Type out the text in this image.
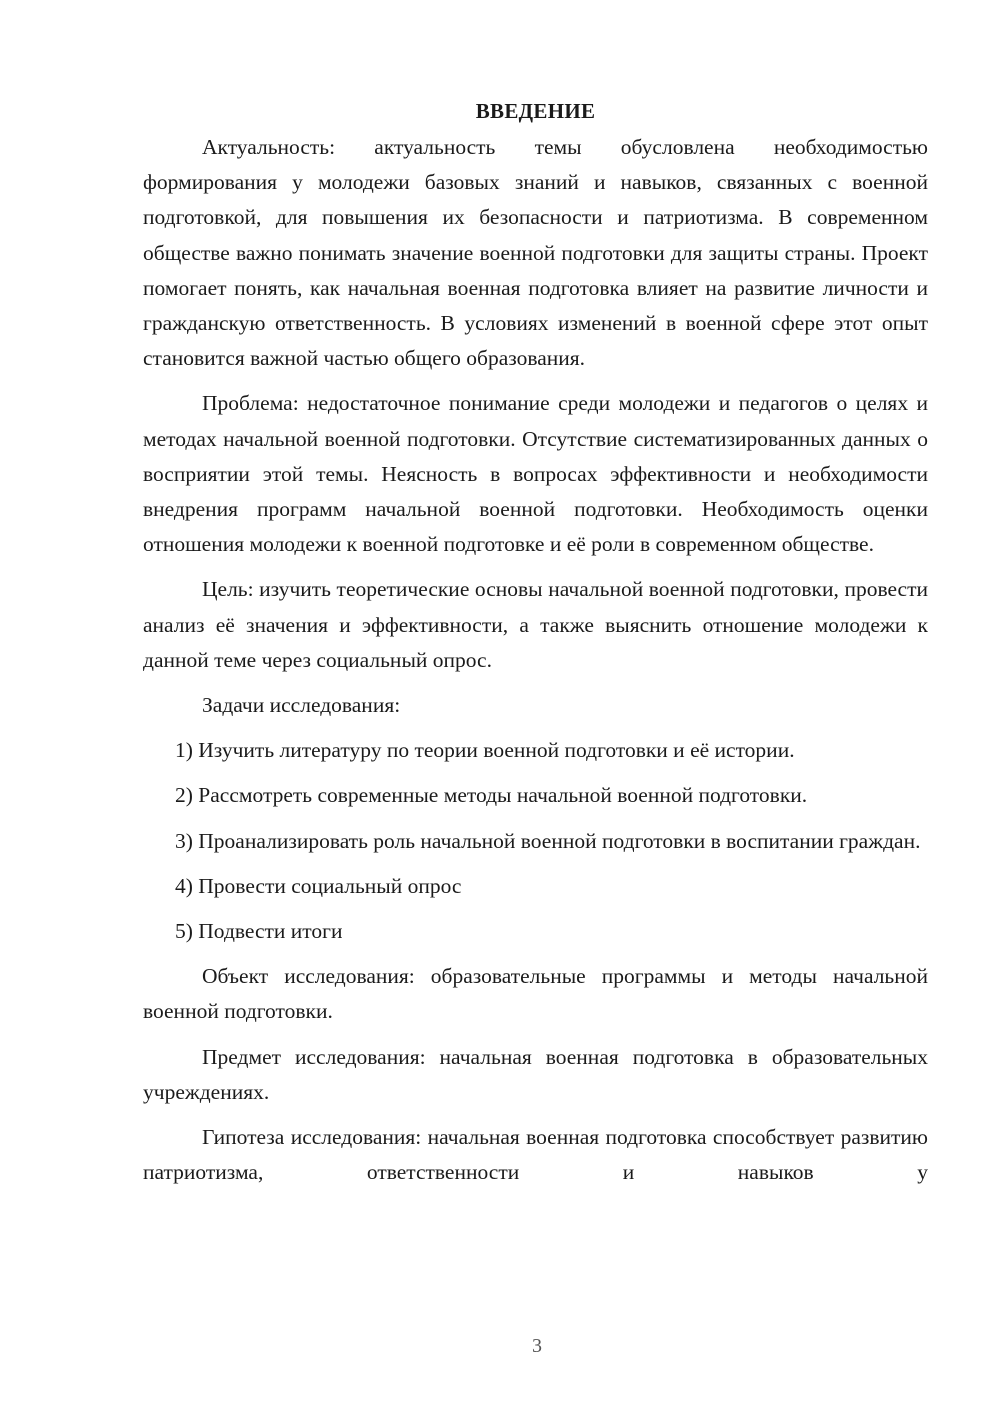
ВВЕДЕНИЕ

Актуальность: актуальность темы обусловлена необходимостью формирования у молодежи базовых знаний и навыков, связанных с военной подготовкой, для повышения их безопасности и патриотизма. В современном обществе важно понимать значение военной подготовки для защиты страны. Проект помогает понять, как начальная военная подготовка влияет на развитие личности и гражданскую ответственность. В условиях изменений в военной сфере этот опыт становится важной частью общего образования.

Проблема: недостаточное понимание среди молодежи и педагогов о целях и методах начальной военной подготовки. Отсутствие систематизированных данных о восприятии этой темы. Неясность в вопросах эффективности и необходимости внедрения программ начальной военной подготовки. Необходимость оценки отношения молодежи к военной подготовке и её роли в современном обществе.

Цель: изучить теоретические основы начальной военной подготовки, провести анализ её значения и эффективности, а также выяснить отношение молодежи к данной теме через социальный опрос.

Задачи исследования:

1) Изучить литературу по теории военной подготовки и её истории.

2) Рассмотреть современные методы начальной военной подготовки.

3) Проанализировать роль начальной военной подготовки в воспитании граждан.

4) Провести социальный опрос

5) Подвести итоги

Объект исследования: образовательные программы и методы начальной военной подготовки.

Предмет исследования: начальная военная подготовка в образовательных учреждениях.

Гипотеза исследования: начальная военная подготовка способствует развитию патриотизма, ответственности и навыков у

3
